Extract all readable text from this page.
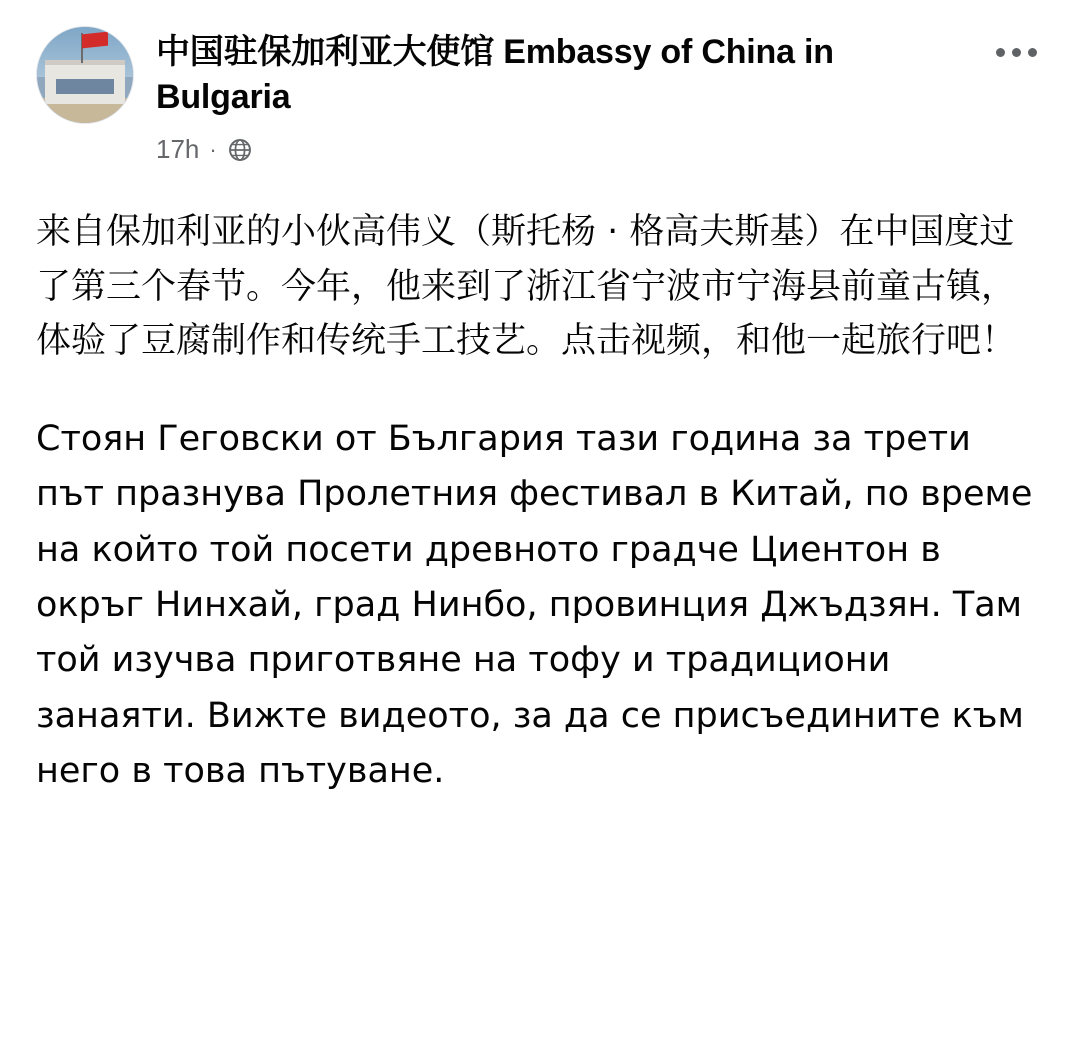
中国驻保加利亚大使馆 Embassy of China in Bulgaria
17h ·
来自保加利亚的小伙高伟义（斯托杨 · 格高夫斯基）在中国度过了第三个春节。今年，他来到了浙江省宁波市宁海县前童古镇，体验了豆腐制作和传统手工技艺。点击视频，和他一起旅行吧！
Стоян Геговски от България тази година за трети път празнува Пролетния фестивал в Китай, по време на който той посети древното градче Циентон в окръг Нинхай, град Нинбо, провинция Джъдзян. Там той изучва приготвяне на тофу и традициони занаяти. Вижте видеото, за да се присъедините към него в това пътуване.
